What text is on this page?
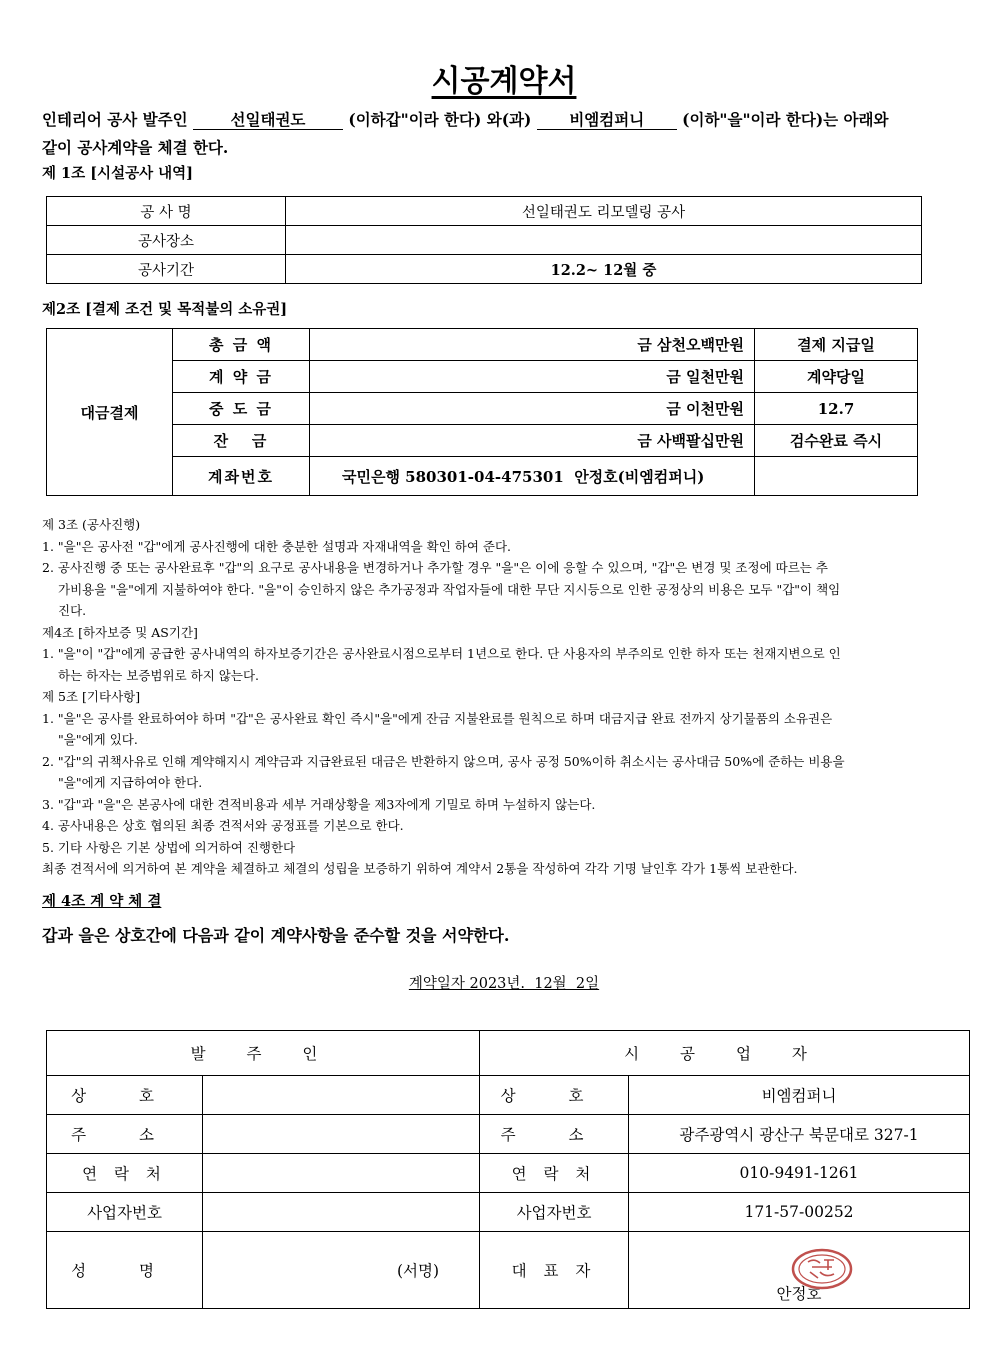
시공계약서
인테리어 공사 발주인	선일태권도	(이하갑"이라 한다) 와(과) 비엠컴퍼니 (이하"을"이라 한다)는 아래와
같이 공사계약을 체결 한다.
제 1조 [시설공사 내역]
공 사 명	선일태권도 리모델링 공사
공사장소	
공사기간	12.2~ 12월 중
제2조 [결제 조건 및 목적불의 소유권]
대금결제	총 금 액	금 삼천오백만원	결제 지급일
	계 약 금	금 일천만원	계약당일
	중 도 금	금 이천만원	12.7
	잔   금	금 사백팔십만원	검수완료 즉시
	계좌번호	국민은행 580301-04-475301  안정호(비엠컴퍼니)	
제 3조 (공사진행)
1. "을"은 공사전 "갑"에게 공사진행에 대한 충분한 설명과 자재내역을 확인 하여 준다.
2. 공사진행 중 또는 공사완료후 "갑"의 요구로 공사내용을 변경하거나 추가할 경우 "을"은 이에 응할 수 있으며, "갑"은 변경 및 조정에 따르는 추
가비용을 "을"에게 지불하여야 한다. "을"이 승인하지 않은 추가공정과 작업자들에 대한 무단 지시등으로 인한 공정상의 비용은 모두 "갑"이 책임
진다.
제4조 [하자보증 및 AS기간]
1. "을"이 "갑"에게 공급한 공사내역의 하자보증기간은 공사완료시점으로부터 1년으로 한다. 단 사용자의 부주의로 인한 하자 또는 천재지변으로 인
하는 하자는 보증범위로 하지 않는다.
제 5조 [기타사항]
1. "을"은 공사를 완료하여야 하며 "갑"은 공사완료 확인 즉시"을"에게 잔금 지불완료를 원칙으로 하며 대금지급 완료 전까지 상기물품의 소유권은
"을"에게 있다.
2. "갑"의 귀책사유로 인해 계약해지시 계약금과 지급완료된 대금은 반환하지 않으며, 공사 공정 50%이하 취소시는 공사대금 50%에 준하는 비용을
"을"에게 지급하여야 한다.
3. "갑"과 "을"은 본공사에 대한 견적비용과 세부 거래상황을 제3자에게 기밀로 하며 누설하지 않는다.
4. 공사내용은 상호 협의된 최종 견적서와 공정표를 기본으로 한다.
5. 기타 사항은 기본 상법에 의거하여 진행한다
최종 견적서에 의거하여 본 계약을 체결하고 체결의 성립을 보증하기 위하여 계약서 2통을 작성하여 각각 기명 날인후 각가 1통씩 보관한다.
제 4조 계 약 체 결
갑과 을은 상호간에 다음과 같이 계약사항을 준수할 것을 서약한다.
계약일자 2023년.  12월  2일
발 주 인		시 공 업 자	
상 호		상 호	비엠컴퍼니
주 소		주 소	광주광역시 광산구 북문대로 327-1
연 락 처		연 락 처	010-9491-1261
사업자번호		사업자번호	171-57-00252
성 명	(서명)	대 표 자	안정호
